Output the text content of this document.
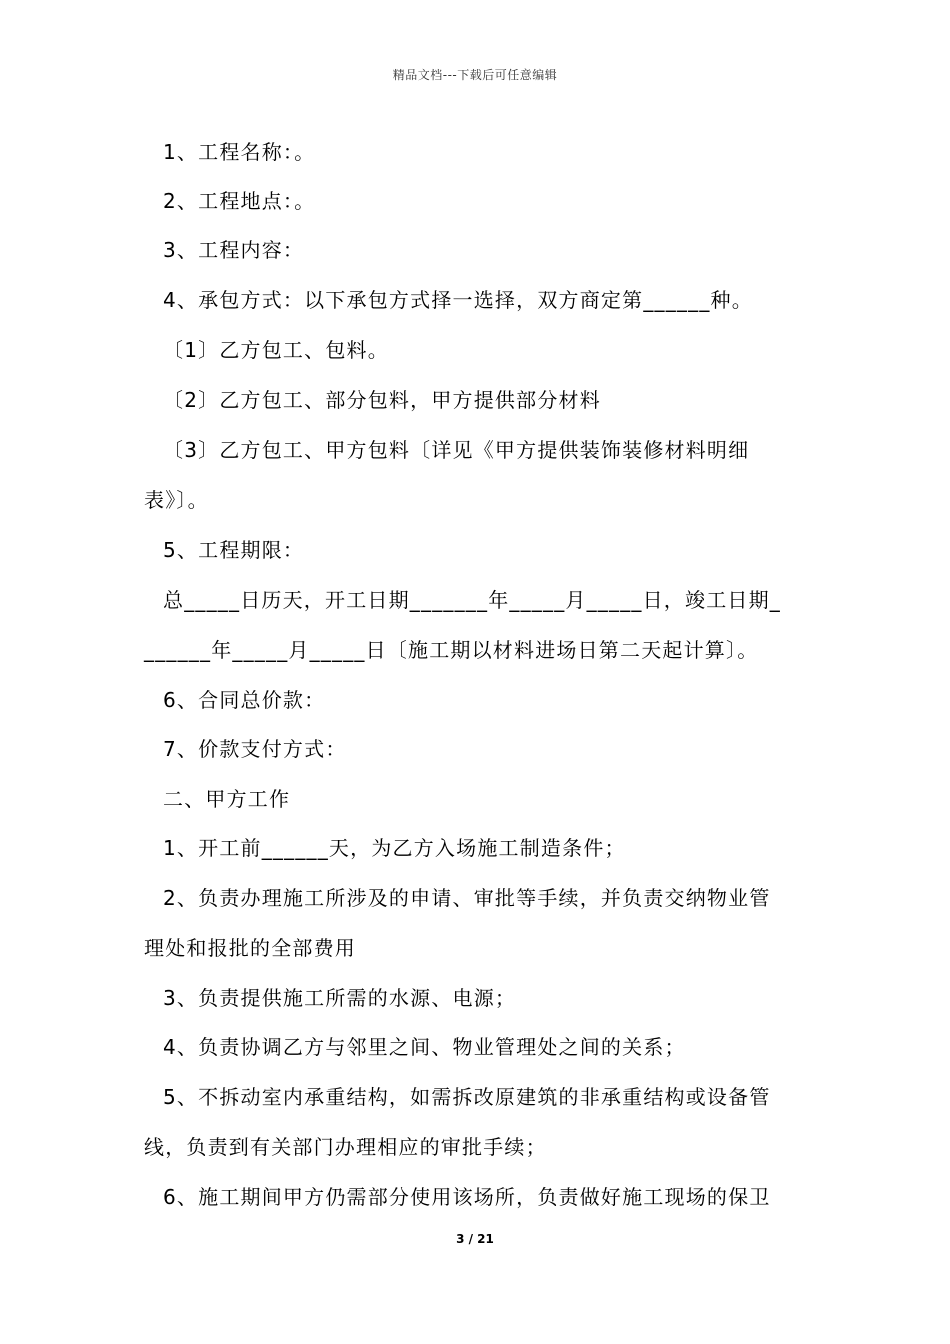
精品文档---下载后可任意编辑
1、工程名称：。
2、工程地点：。
3、工程内容：
4、承包方式：以下承包方式择一选择，双方商定第______种。
〔1〕乙方包工、包料。
〔2〕乙方包工、部分包料，甲方提供部分材料
〔3〕乙方包工、甲方包料〔详见《甲方提供装饰装修材料明细
表》〕。
5、工程期限：
总_____日历天，开工日期_______年_____月_____日，竣工日期_
______年_____月_____日〔施工期以材料进场日第二天起计算〕。
6、合同总价款：
7、价款支付方式：
二、甲方工作
1、开工前______天，为乙方入场施工制造条件；
2、负责办理施工所涉及的申请、审批等手续，并负责交纳物业管
理处和报批的全部费用
3、负责提供施工所需的水源、电源；
4、负责协调乙方与邻里之间、物业管理处之间的关系；
5、不拆动室内承重结构，如需拆改原建筑的非承重结构或设备管
线，负责到有关部门办理相应的审批手续；
6、施工期间甲方仍需部分使用该场所，负责做好施工现场的保卫
3 / 21
